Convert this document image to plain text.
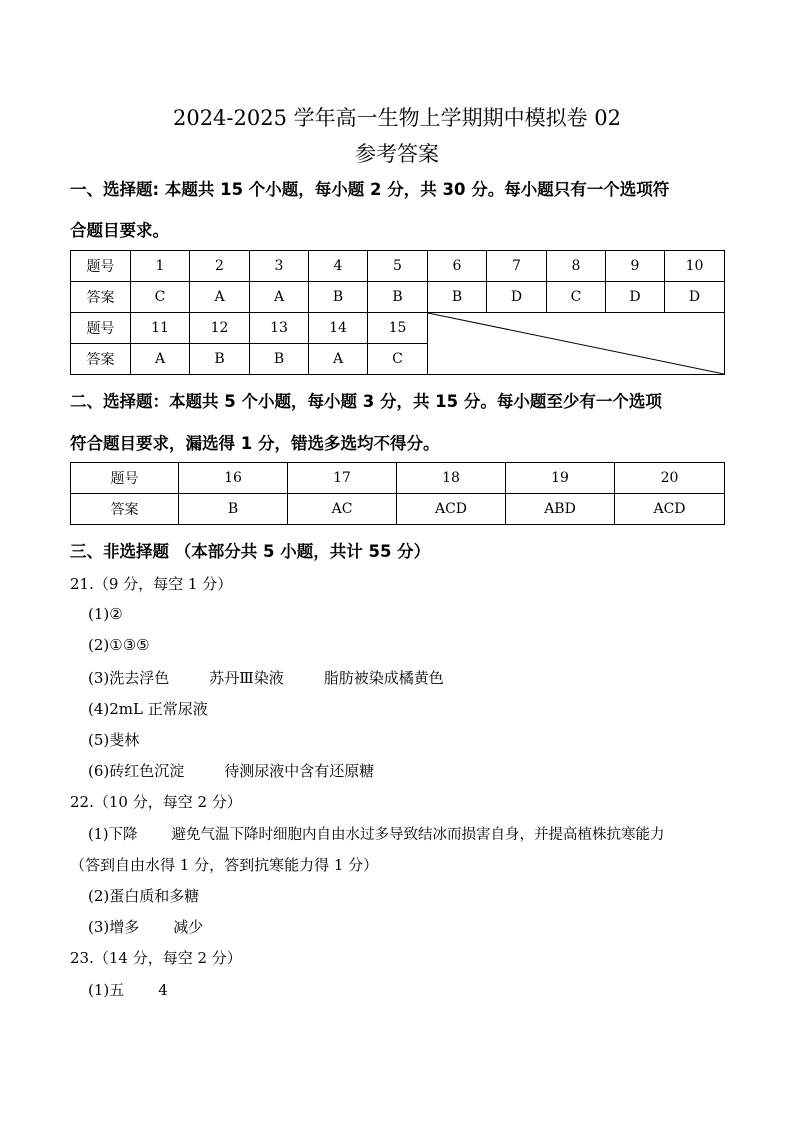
2024-2025 学年高一生物上学期期中模拟卷 02
参考答案
一、选择题: 本题共 15 个小题，每小题 2 分，共 30 分。每小题只有一个选项符
合题目要求。
题号	1	2	3	4	5	6	7	8	9	10
答案	C	A	A	B	B	B	D	C	D	D
题号	11	12	13	14	15	

答案	A	B	B	A	C					
二、选择题：本题共 5 个小题，每小题 3 分，共 15 分。每小题至少有一个选项
符合题目要求，漏选得 1 分，错选多选均不得分。
题号	16	17	18	19	20
答案	B	AC	ACD	ABD	ACD
三、非选择题 （本部分共 5 小题，共计 55 分）
21.（9 分，每空 1 分）
(1)②
(2)①③⑤
(3)洗去浮色	苏丹Ⅲ染液	脂肪被染成橘黄色
(4)2mL 正常尿液
(5)斐林
(6)砖红色沉淀	待测尿液中含有还原糖
22.（10 分，每空 2 分）
(1)下降 避免气温下降时细胞内自由水过多导致结冰而损害自身，并提高植株抗寒能力
（答到自由水得 1 分，答到抗寒能力得 1 分）
(2)蛋白质和多糖
(3)增多 减少
23.（14 分，每空 2 分）
(1)五 4
